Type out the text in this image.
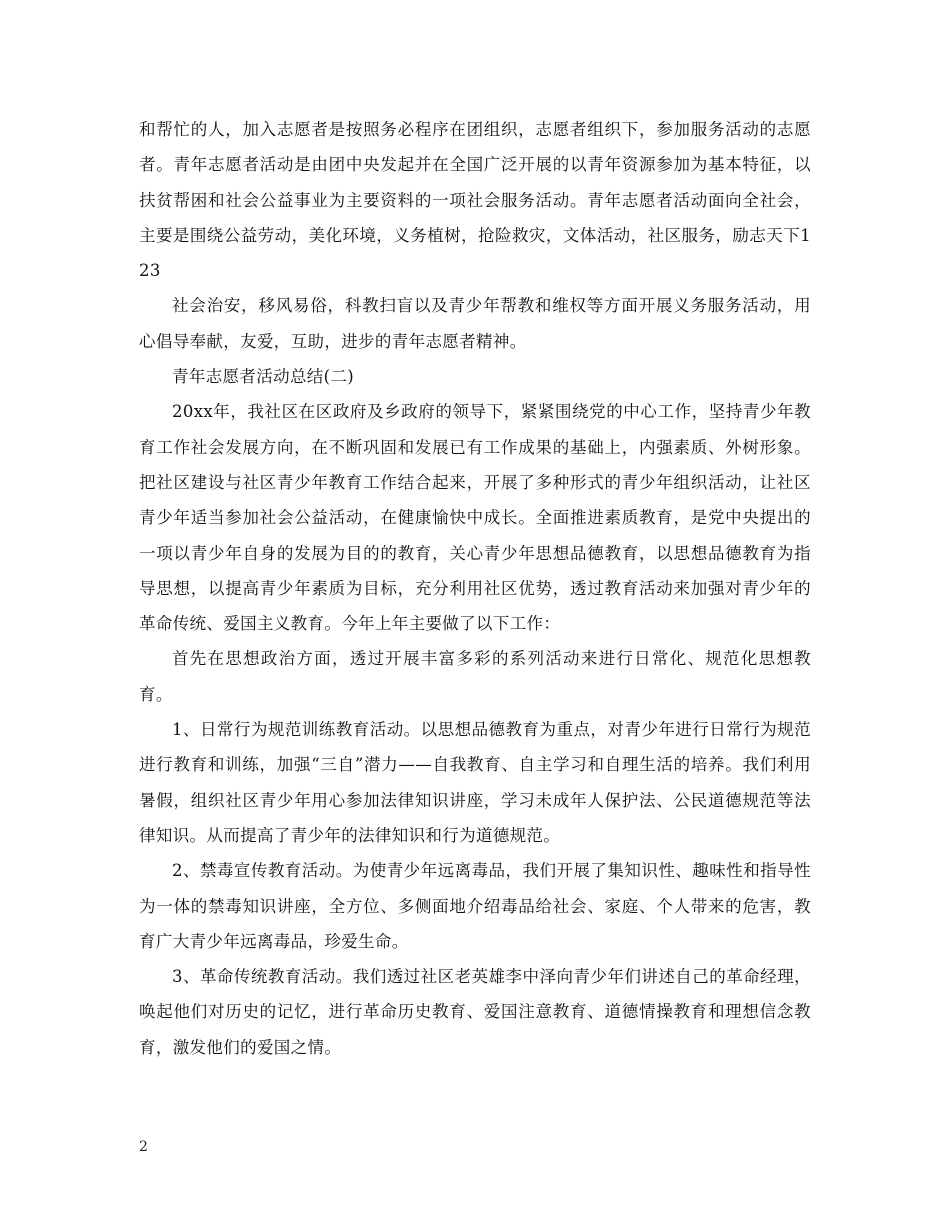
和帮忙的人，加入志愿者是按照务必程序在团组织，志愿者组织下，参加服务活动的志愿者。青年志愿者活动是由团中央发起并在全国广泛开展的以青年资源参加为基本特征，以扶贫帮困和社会公益事业为主要资料的一项社会服务活动。青年志愿者活动面向全社会，主要是围绕公益劳动，美化环境，义务植树，抢险救灾，文体活动，社区服务，励志天下123

社会治安，移风易俗，科教扫盲以及青少年帮教和维权等方面开展义务服务活动，用心倡导奉献，友爱，互助，进步的青年志愿者精神。

青年志愿者活动总结(二)

20xx年，我社区在区政府及乡政府的领导下，紧紧围绕党的中心工作，坚持青少年教育工作社会发展方向，在不断巩固和发展已有工作成果的基础上，内强素质、外树形象。把社区建设与社区青少年教育工作结合起来，开展了多种形式的青少年组织活动，让社区青少年适当参加社会公益活动，在健康愉快中成长。全面推进素质教育，是党中央提出的一项以青少年自身的发展为目的的教育，关心青少年思想品德教育，以思想品德教育为指导思想，以提高青少年素质为目标，充分利用社区优势，透过教育活动来加强对青少年的革命传统、爱国主义教育。今年上年主要做了以下工作：

首先在思想政治方面，透过开展丰富多彩的系列活动来进行日常化、规范化思想教育。

1、日常行为规范训练教育活动。以思想品德教育为重点，对青少年进行日常行为规范进行教育和训练，加强“三自”潜力——自我教育、自主学习和自理生活的培养。我们利用暑假，组织社区青少年用心参加法律知识讲座，学习未成年人保护法、公民道德规范等法律知识。从而提高了青少年的法律知识和行为道德规范。

2、禁毒宣传教育活动。为使青少年远离毒品，我们开展了集知识性、趣味性和指导性为一体的禁毒知识讲座，全方位、多侧面地介绍毒品给社会、家庭、个人带来的危害，教育广大青少年远离毒品，珍爱生命。

3、革命传统教育活动。我们透过社区老英雄李中泽向青少年们讲述自己的革命经理，唤起他们对历史的记忆，进行革命历史教育、爱国注意教育、道德情操教育和理想信念教育，激发他们的爱国之情。

2
